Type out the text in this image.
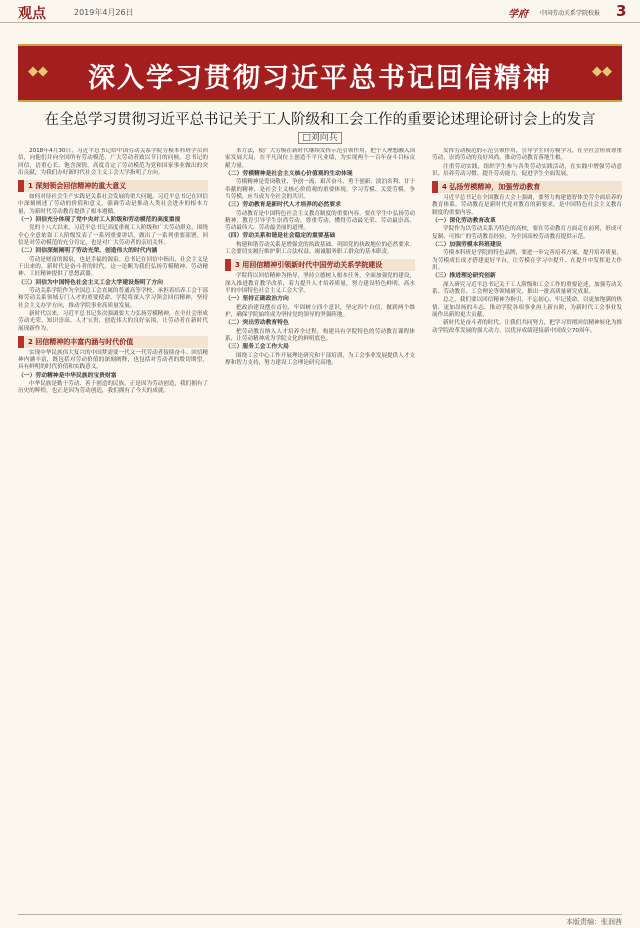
观点	2019年4月26日	学府 中国劳动关系学院校报 3
◆◆	深入学习贯彻习近平总书记回信精神	◆◆
在全总学习贯彻习近平总书记关于工人阶级和工会工作的重要论述理论研讨会上的发言
□刘向兵
2018年4月30日，习近平总书记给中国劳动关系学院劳模本科班学员回信，向他们并向全国所有劳动模范、广大劳动者致以节日的问候。总书记的回信，语重心长、饱含深情，高度肯定了劳动模范为党和国家事业做出的突出贡献，为我们办好新时代社会主义工会大学指明了方向。
1 深刻领会回信精神的重大意义
如何对待社会生产实践是关系社会发展的重大问题。习近平总书记在回信中深刻阐述了劳动的价值和意义，强调劳动是推动人类社会进步的根本力量，为新时代劳动教育提供了根本遵循。
（一）回信充分体现了党中央对工人阶级和劳动模范的高度重视
党的十八大以来，习近平总书记高度重视工人阶级和广大劳动群众，围绕全心全意依靠工人阶级发表了一系列重要讲话，做出了一系列重要部署。回信是对劳动模范的充分肯定，也是对广大劳动者的亲切关怀。
（二）回信深刻阐明了劳动光荣、创造伟大的时代内涵
劳动是财富的源泉，也是幸福的源泉。总书记在回信中指出，社会主义是干出来的，新时代是奋斗者的时代。这一论断为我们弘扬劳模精神、劳动精神、工匠精神提供了思想武器。
（三）回信为中国特色社会主义工会大学建设指明了方向
劳动关系学院作为全国总工会直属的普通高等学校，承担着培养工会干部和劳动关系领域专门人才的重要使命。学院将深入学习领会回信精神，坚持社会主义办学方向，推动学院事业高质量发展。
新时代以来，习近平总书记多次强调要大力弘扬劳模精神，在全社会形成劳动光荣、知识崇高、人才宝贵、创造伟大的良好氛围，让劳动者在新时代展现新作为。
2 回信精神的丰富内涵与时代价值
实现中华民族伟大复兴的中国梦需要一代又一代劳动者接续奋斗。回信精神内涵丰富，既包括对劳动价值的深刻阐释，也包括对劳动者的殷切期望，具有鲜明的时代价值和实践意义。
（一）劳动精神是中华民族的宝贵财富
中华民族是勤于劳动、善于创造的民族。正是因为劳动创造，我们拥有了历史的辉煌，也正是因为劳动创造，我们拥有了今天的成就。
本方法，使广大劳模在新时代继续发挥示范引领作用，把个人理想融入国家发展大局，在平凡岗位上创造不平凡业绩，为实现两个一百年奋斗目标贡献力量。
（二）劳模精神是社会主义核心价值观的生动体现
劳模精神是爱岗敬业、争创一流、艰苦奋斗、勇于创新、淡泊名利、甘于奉献的精神，是社会主义核心价值观的重要体现。学习劳模、关爱劳模、争当劳模，应当成为全社会的共识。
（三）劳动教育是新时代人才培养的必然要求
劳动教育是中国特色社会主义教育制度的重要内容。要在学生中弘扬劳动精神，教育引导学生崇尚劳动、尊重劳动，懂得劳动最光荣、劳动最崇高、劳动最伟大、劳动最美丽的道理。
（四）劳动关系和谐是社会稳定的重要基础
构建和谐劳动关系是增强党的执政基础、巩固党的执政地位的必然要求。工会要切实履行维护职工合法权益、竭诚服务职工群众的基本职责。
3 用回信精神引领新时代中国劳动关系学院建设
学院将以回信精神为指导，坚持立德树人根本任务，全面加强党的建设，深入推进教育教学改革，着力提升人才培养质量，努力建设特色鲜明、高水平的中国特色社会主义工会大学。
（一）坚持正确政治方向
把政治建设摆在首位，牢固树立四个意识，坚定四个自信，做到两个维护，确保学院始终成为坚持党的领导的坚强阵地。
（二）突出劳动教育特色
把劳动教育纳入人才培养全过程，构建具有学院特色的劳动教育课程体系，让劳动精神成为学院文化的鲜明底色。
（三）服务工会工作大局
围绕工会中心工作开展理论研究和干部培训，为工会事业发展提供人才支撑和智力支持，努力建设工会理论研究高地。
发挥劳动模范的示范引领作用，引导学生向劳模学习，在全社会形成尊重劳动、崇尚劳动的良好风尚，推动劳动教育落地生根。
注重劳动实践，组织学生参与各类劳动实践活动，在实践中增强劳动意识、培养劳动习惯、提升劳动能力，促进学生全面发展。
4 弘扬劳模精神，加强劳动教育
习近平总书记在全国教育大会上强调，要努力构建德智体美劳全面培养的教育体系。劳动教育是新时代党对教育的新要求，是中国特色社会主义教育制度的重要内容。
（一）深化劳动教育改革
学院作为以劳动关系为特色的高校，要在劳动教育方面走在前列，形成可复制、可推广的劳动教育经验，为全国高校劳动教育提供示范。
（二）加强劳模本科班建设
劳模本科班是学院的特色品牌，要进一步完善培养方案，提升培养质量，为劳模成长成才搭建更好平台，让劳模在学习中提升、在提升中发挥更大作用。
（三）推进理论研究创新
深入研究习近平总书记关于工人阶级和工会工作的重要论述，加强劳动关系、劳动教育、工会理论等领域研究，推出一批高质量研究成果。
总之，我们要以回信精神为指引，不忘初心、牢记使命，以更加饱满的热情、更加昂扬的斗志，推动学院各项事业再上新台阶，为新时代工会事业发展作出新的更大贡献。
新时代是奋斗者的时代。让我们共同努力，把学习贯彻回信精神转化为推动学院改革发展的强大动力，以优异成绩迎接新中国成立70周年。
本版责编：张润茜
